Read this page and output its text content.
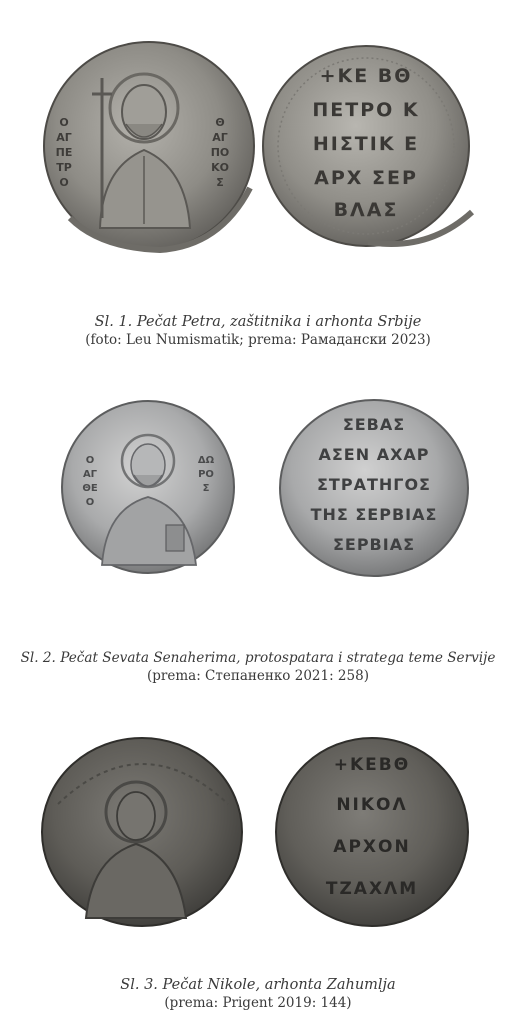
Ο
ΑΓ
ΠΕ
ΤΡ
Ο
Θ
ΑΓ
ΠΟ
ΚΟ
Σ
+ΚΕ ΒΘ
ΠΕΤΡΟ Κ
ΗΙΣΤΙΚ Ε
ΑΡΧ ΣΕΡ
ΒΛΑΣ
Sl. 1. Pečat Petra, zaštitnika i arhonta Srbije
(foto: Leu Numismatik; prema: Рамадански 2023)
Ο
ΑΓ
ΘΕ
Ο
ΔΩ
ΡΟ
Σ
ΣΕΒΑΣ
ΑΣΕΝ ΑΧΑΡ
ΣΤΡΑΤΗΓΟΣ
ΤΗΣ ΣΕΡΒΙΑΣ
ΣΕΡΒΙΑΣ
Sl. 2. Pečat Sevata Senaherima, protospatara i stratega teme Servije
(prema: Степаненко 2021: 258)
+ΚΕΒΘ
ΝΙΚΟΛ
ΑΡΧΟΝ
ΤΖΑΧΛΜ
Sl. 3. Pečat Nikole, arhonta Zahumlja
(prema: Prigent 2019: 144)
